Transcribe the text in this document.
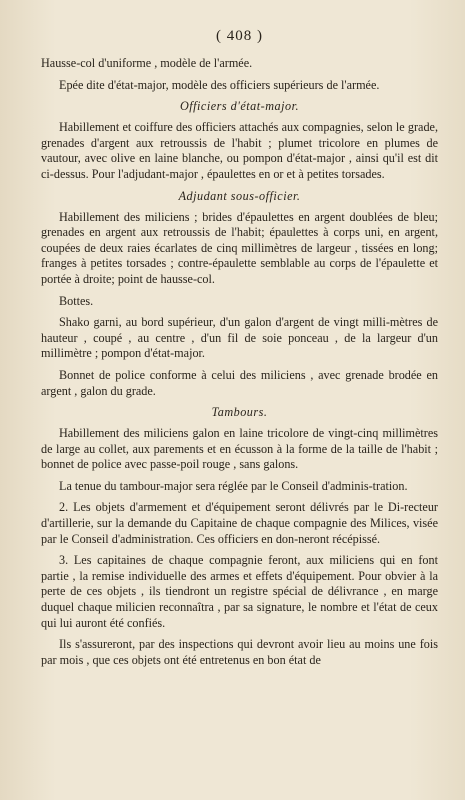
( 408 )

Hausse-col d'uniforme , modèle de l'armée.

Epée dite d'état-major, modèle des officiers supérieurs de l'armée.

Officiers d'état-major.

Habillement et coiffure des officiers attachés aux compagnies, selon le grade, grenades d'argent aux retroussis de l'habit ; plumet tricolore en plumes de vautour, avec olive en laine blanche, ou pompon d'état-major , ainsi qu'il est dit ci-dessus. Pour l'adjudant-major , épaulettes en or et à petites torsades.

Adjudant sous-officier.

Habillement des miliciens ; brides d'épaulettes en argent doublées de bleu; grenades en argent aux retroussis de l'habit; épaulettes à corps uni, en argent, coupées de deux raies écarlates de cinq millimètres de largeur , tissées en long; franges à petites torsades ; contre-épaulette semblable au corps de l'épaulette et portée à droite; point de hausse-col.

Bottes.

Shako garni, au bord supérieur, d'un galon d'argent de vingt milli-mètres de hauteur , coupé , au centre , d'un fil de soie ponceau , de la largeur d'un millimètre ; pompon d'état-major.

Bonnet de police conforme à celui des miliciens , avec grenade brodée en argent , galon du grade.

Tambours.

Habillement des miliciens galon en laine tricolore de vingt-cinq millimètres de large au collet, aux parements et en écusson à la forme de la taille de l'habit ; bonnet de police avec passe-poil rouge , sans galons.

La tenue du tambour-major sera réglée par le Conseil d'adminis-tration.

2. Les objets d'armement et d'équipement seront délivrés par le Di-recteur d'artillerie, sur la demande du Capitaine de chaque compagnie des Milices, visée par le Conseil d'administration. Ces officiers en don-neront récépissé.

3. Les capitaines de chaque compagnie feront, aux miliciens qui en font partie , la remise individuelle des armes et effets d'équipement. Pour obvier à la perte de ces objets , ils tiendront un registre spécial de délivrance , en marge duquel chaque milicien reconnaîtra , par sa signature, le nombre et l'état de ceux qui lui auront été confiés.

Ils s'assureront, par des inspections qui devront avoir lieu au moins une fois par mois , que ces objets ont été entretenus en bon état de
